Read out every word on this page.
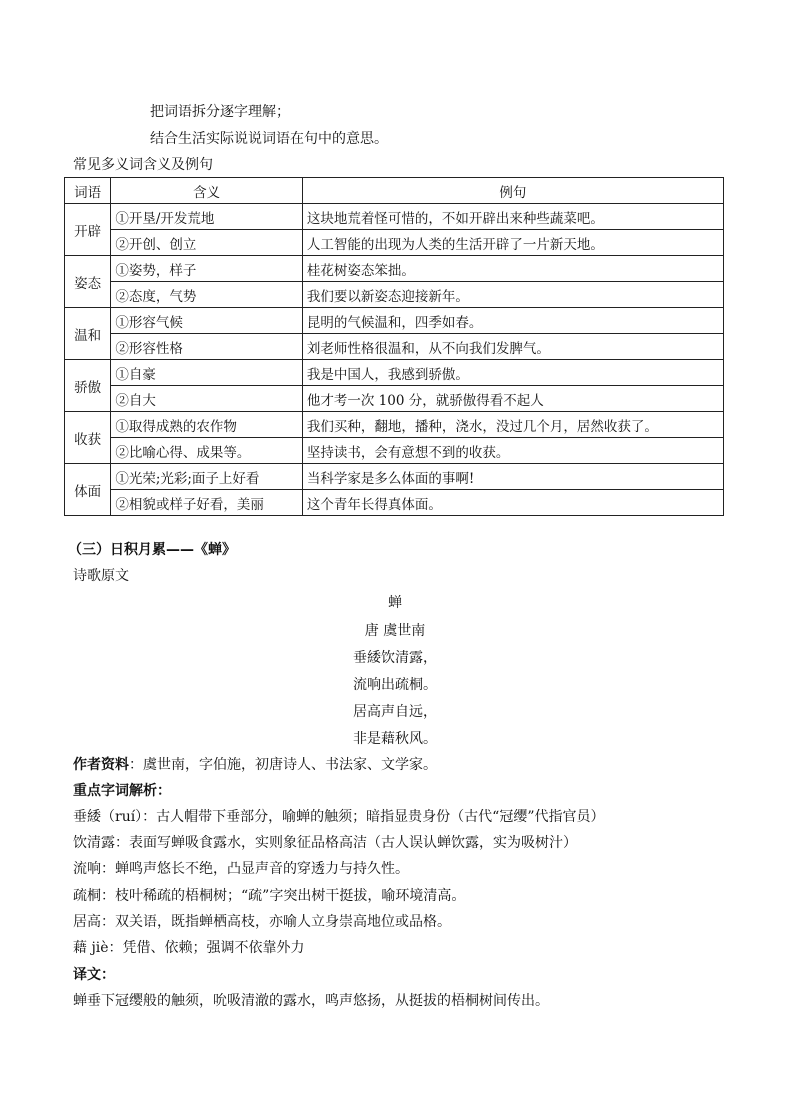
把词语拆分逐字理解；
结合生活实际说说词语在句中的意思。
常见多义词含义及例句
词语	含义	例句
开辟	①开垦/开发荒地	这块地荒着怪可惜的，不如开辟出来种些蔬菜吧。
	②开创、创立	人工智能的出现为人类的生活开辟了一片新天地。
姿态	①姿势，样子	桂花树姿态笨拙。
	②态度，气势	我们要以新姿态迎接新年。
温和	①形容气候	昆明的气候温和，四季如春。
	②形容性格	刘老师性格很温和，从不向我们发脾气。
骄傲	①自豪	我是中国人，我感到骄傲。
	②自大	他才考一次 100 分，就骄傲得看不起人
收获	①取得成熟的农作物	我们买种，翻地，播种，浇水，没过几个月，居然收获了。
	②比喻心得、成果等。	坚持读书，会有意想不到的收获。
体面	①光荣;光彩;面子上好看	当科学家是多么体面的事啊!
	②相貌或样子好看，美丽	这个青年长得真体面。
（三）日积月累——《蝉》
诗歌原文
蝉
唐 虞世南
垂緌饮清露，
流响出疏桐。
居高声自远，
非是藉秋风。
作者资料：虞世南，字伯施，初唐诗人、书法家、文学家。
重点字词解析：
垂緌（ruí）：古人帽带下垂部分，喻蝉的触须；暗指显贵身份（古代“冠缨”代指官员）
饮清露：表面写蝉吸食露水，实则象征品格高洁（古人误认蝉饮露，实为吸树汁）
流响：蝉鸣声悠长不绝，凸显声音的穿透力与持久性。
疏桐：枝叶稀疏的梧桐树；“疏”字突出树干挺拔，喻环境清高。
居高：双关语，既指蝉栖高枝，亦喻人立身崇高地位或品格。
藉 jiè：凭借、依赖；强调不依靠外力
译文：
蝉垂下冠缨般的触须，吮吸清澈的露水，鸣声悠扬，从挺拔的梧桐树间传出。
